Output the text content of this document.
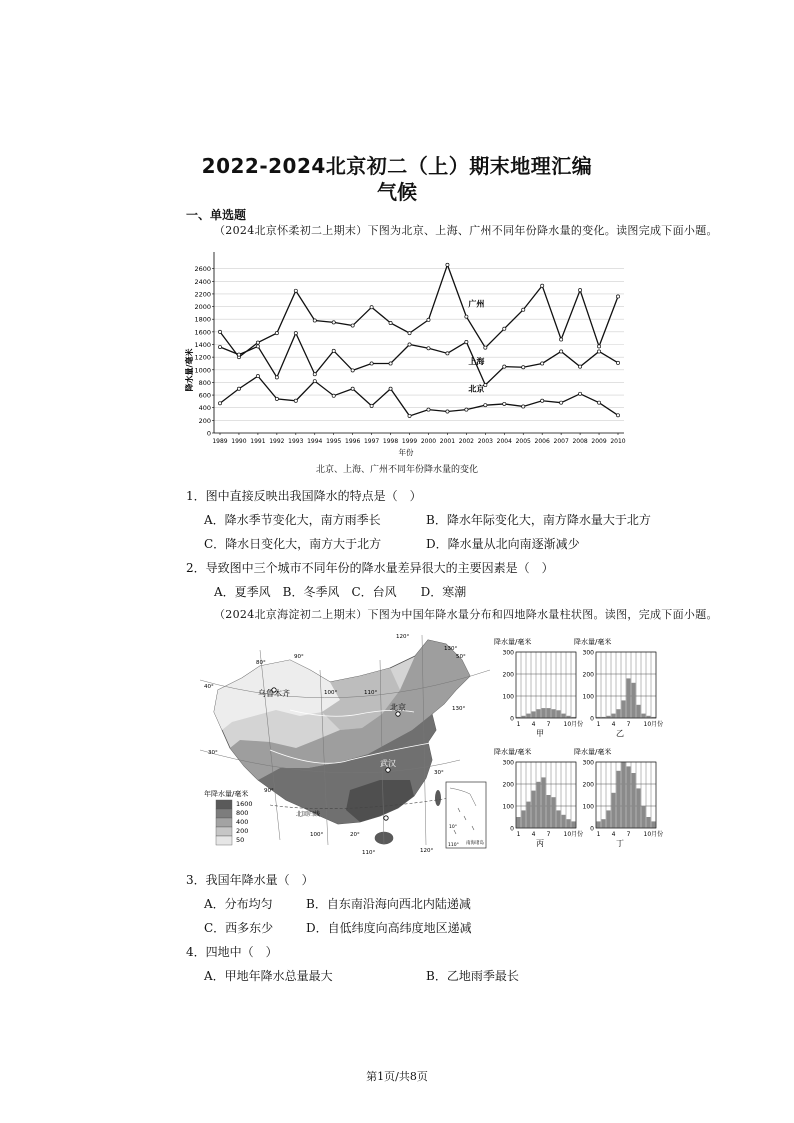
2022-2024北京初二（上）期末地理汇编
气候
一、单选题
（2024北京怀柔初二上期末）下图为北京、上海、广州不同年份降水量的变化。读图完成下面小题。
0
200
400
600
800
1000
1200
1400
1600
1800
2000
2200
2400
2600
1989 1990 1991 1992 1993 1994 1995 1996 1997 1998 1999 2000 2001 2002 2003 2004 2005 2006 2007 2008 2009 2010
广州
上海
北京
降水量/毫米
年份
北京、上海、广州不同年份降水量的变化
1．图中直接反映出我国降水的特点是（　）
A．降水季节变化大，南方雨季长	B．降水年际变化大，南方降水量大于北方
C．降水日变化大，南方大于北方	D．降水量从北向南逐渐减少
2．导致图中三个城市不同年份的降水量差异很大的主要因素是（　）
A．夏季风　B．冬季风　C．台风　　D．寒潮
（2024北京海淀初二上期末）下图为中国年降水量分布和四地降水量柱状图。读图，完成下面小题。
乌鲁木齐
北京
武汉
北回归线
120°
130°
50°
90°
80°
40°
100°	110°
130°
30°
90°
30°
100°	20°
110°	120°
年降水量/毫米
1600
800
400
200
50
10°
110° 南海诸岛
降水量/毫米
300
200
100
0
1 4 7 10月份
甲
降水量/毫米
300
200
100
0
1 4 7 10月份
乙
降水量/毫米
300
200
100
0
1 4 7 10月份
丙
降水量/毫米
300
200
100
0
1 4 7 10月份
丁
3．我国年降水量（　）
A．分布均匀	B．自东南沿海向西北内陆递减
C．西多东少	D．自低纬度向高纬度地区递减
4．四地中（　）
A．甲地年降水总量最大	B．乙地雨季最长
第1页/共8页
